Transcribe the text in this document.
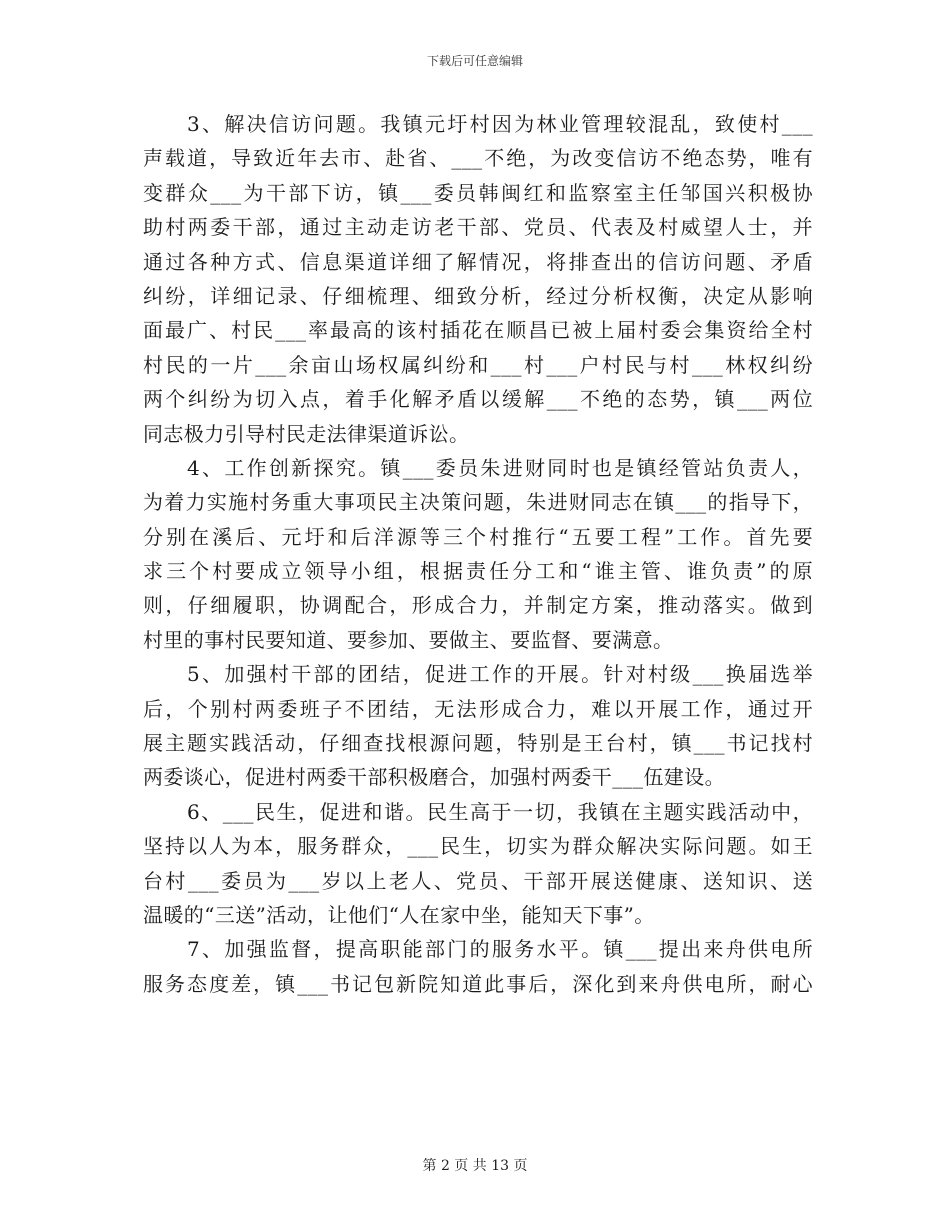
下载后可任意编辑
3、解决信访问题。我镇元圩村因为林业管理较混乱，致使村___
声载道，导致近年去市、赴省、___不绝，为改变信访不绝态势，唯有
变群众___为干部下访，镇___委员韩闽红和监察室主任邹国兴积极协
助村两委干部，通过主动走访老干部、党员、代表及村威望人士，并
通过各种方式、信息渠道详细了解情况，将排查出的信访问题、矛盾
纠纷，详细记录、仔细梳理、细致分析，经过分析权衡，决定从影响
面最广、村民___率最高的该村插花在顺昌已被上届村委会集资给全村
村民的一片___余亩山场权属纠纷和___村___户村民与村___林权纠纷
两个纠纷为切入点，着手化解矛盾以缓解___不绝的态势，镇___两位
同志极力引导村民走法律渠道诉讼。
4、工作创新探究。镇___委员朱进财同时也是镇经管站负责人，
为着力实施村务重大事项民主决策问题，朱进财同志在镇___的指导下，
分别在溪后、元圩和后洋源等三个村推行“五要工程”工作。首先要
求三个村要成立领导小组，根据责任分工和“谁主管、谁负责”的原
则，仔细履职，协调配合，形成合力，并制定方案，推动落实。做到
村里的事村民要知道、要参加、要做主、要监督、要满意。
5、加强村干部的团结，促进工作的开展。针对村级___换届选举
后，个别村两委班子不团结，无法形成合力，难以开展工作，通过开
展主题实践活动，仔细查找根源问题，特别是王台村，镇___书记找村
两委谈心，促进村两委干部积极磨合，加强村两委干___伍建设。
6、___民生，促进和谐。民生高于一切，我镇在主题实践活动中，
坚持以人为本，服务群众，___民生，切实为群众解决实际问题。如王
台村___委员为___岁以上老人、党员、干部开展送健康、送知识、送
温暖的“三送”活动，让他们“人在家中坐，能知天下事”。
7、加强监督，提高职能部门的服务水平。镇___提出来舟供电所
服务态度差，镇___书记包新院知道此事后，深化到来舟供电所，耐心
第 2 页 共 13 页
